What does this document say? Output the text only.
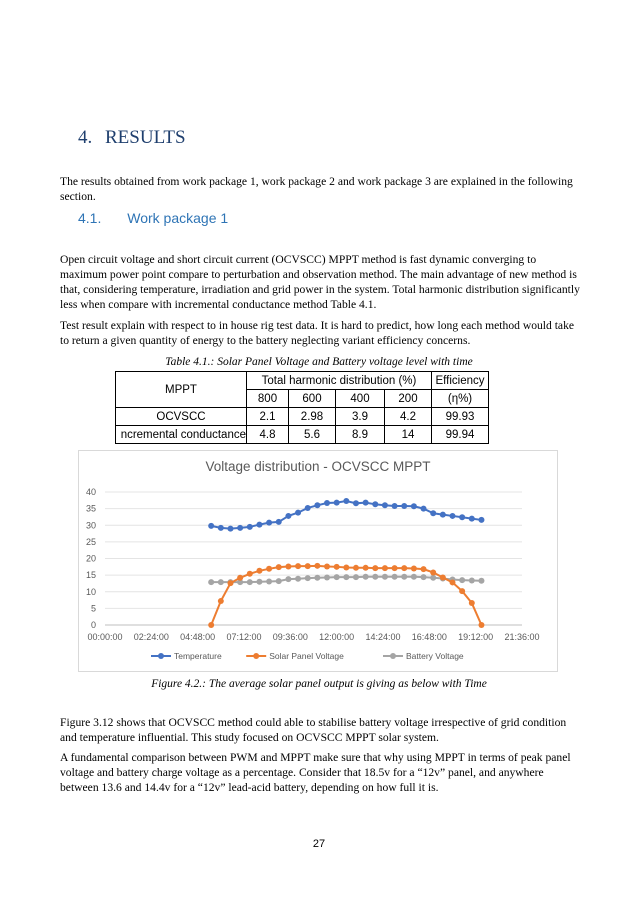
4. RESULTS
The results obtained from work package 1, work package 2 and work package 3 are explained in the following section.
4.1. Work package 1
Open circuit voltage and short circuit current (OCVSCC) MPPT method is fast dynamic converging to maximum power point compare to perturbation and observation method. The main advantage of new method is that, considering temperature, irradiation and grid power in the system. Total harmonic distribution significantly less when compare with incremental conductance method Table 4.1.
Test result explain with respect to in house rig test data. It is hard to predict, how long each method would take to return a given quantity of energy to the battery neglecting variant efficiency concerns.
Table 4.1.: Solar Panel Voltage and Battery voltage level with time
MPPT	Total harmonic distribution (%)				Efficiency
	800	600	400	200	(η%)
OCVSCC	2.1	2.98	3.9	4.2	99.93
ncremental conductance	4.8	5.6	8.9	14	99.94
Voltage distribution - OCVSCC MPPT
0
5
10
15
20
25
30
35
40
00:00:00 02:24:00 04:48:00 07:12:00 09:36:00 12:00:00 14:24:00 16:48:00 19:12:00 21:36:00
Temperature	Solar Panel Voltage	Battery Voltage
Figure 4.2.: The average solar panel output is giving as below with Time
Figure 3.12 shows that OCVSCC method could able to stabilise battery voltage irrespective of grid condition and temperature influential. This study focused on OCVSCC MPPT solar system.
A fundamental comparison between PWM and MPPT make sure that why using MPPT in terms of peak panel voltage and battery charge voltage as a percentage. Consider that 18.5v for a “12v” panel, and anywhere between 13.6 and 14.4v for a “12v” lead-acid battery, depending on how full it is.
27
